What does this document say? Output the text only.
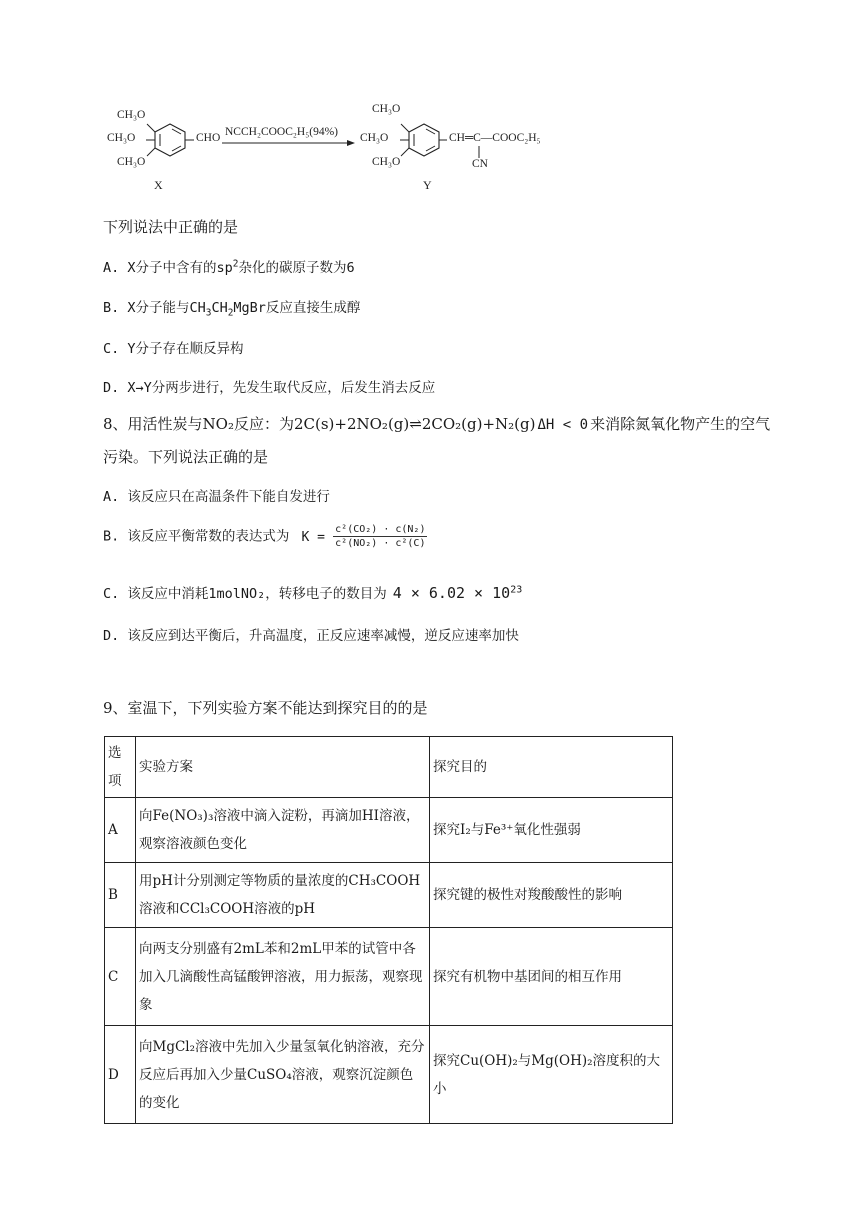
CH₃O
CH₃O
CH₃O
CHO
X
NCCH₂COOC₂H₅(94%)
CH₃O
CH₃O
CH₃O
CH═C—COOC₂H₅
CN
Y
下列说法中正确的是
A. X分子中含有的$sp^2$杂化的碳原子数为6
B. X分子能与$CH_3CH_2MgBr$反应直接生成醇
C. Y分子存在顺反异构
D. X→Y分两步进行，先发生取代反应，后发生消去反应
8、用活性炭与NO₂反应：为2C(s)+2NO₂(g)⇌2CO₂(g)+N₂(g) ΔH < 0 来消除氮氧化物产生的空气
污染。下列说法正确的是
A. 该反应只在高温条件下能自发进行
B. 该反应平衡常数的表达式为 $K = \frac{\text{c²(CO₂) · c(N₂)}}{\text{c²(NO₂) · c²(C)}}$
C. 该反应中消耗1molNO₂，转移电子的数目为 $4 \times 6.02 \times 10^{23}$
D. 该反应到达平衡后，升高温度，正反应速率减慢，逆反应速率加快
9、室温下，下列实验方案不能达到探究目的的是
选项	实验方案	探究目的
A	向Fe(NO₃)₃溶液中滴入淀粉，再滴加HI溶液，观察溶液颜色变化	探究I₂与Fe³⁺氧化性强弱
B	用pH计分别测定等物质的量浓度的CH₃COOH溶液和CCl₃COOH溶液的pH	探究键的极性对羧酸酸性的影响
C	向两支分别盛有2mL苯和2mL甲苯的试管中各加入几滴酸性高锰酸钾溶液，用力振荡，观察现象	探究有机物中基团间的相互作用
D	向MgCl₂溶液中先加入少量氢氧化钠溶液，充分反应后再加入少量CuSO₄溶液，观察沉淀颜色的变化	探究Cu(OH)₂与Mg(OH)₂溶度积的大小
